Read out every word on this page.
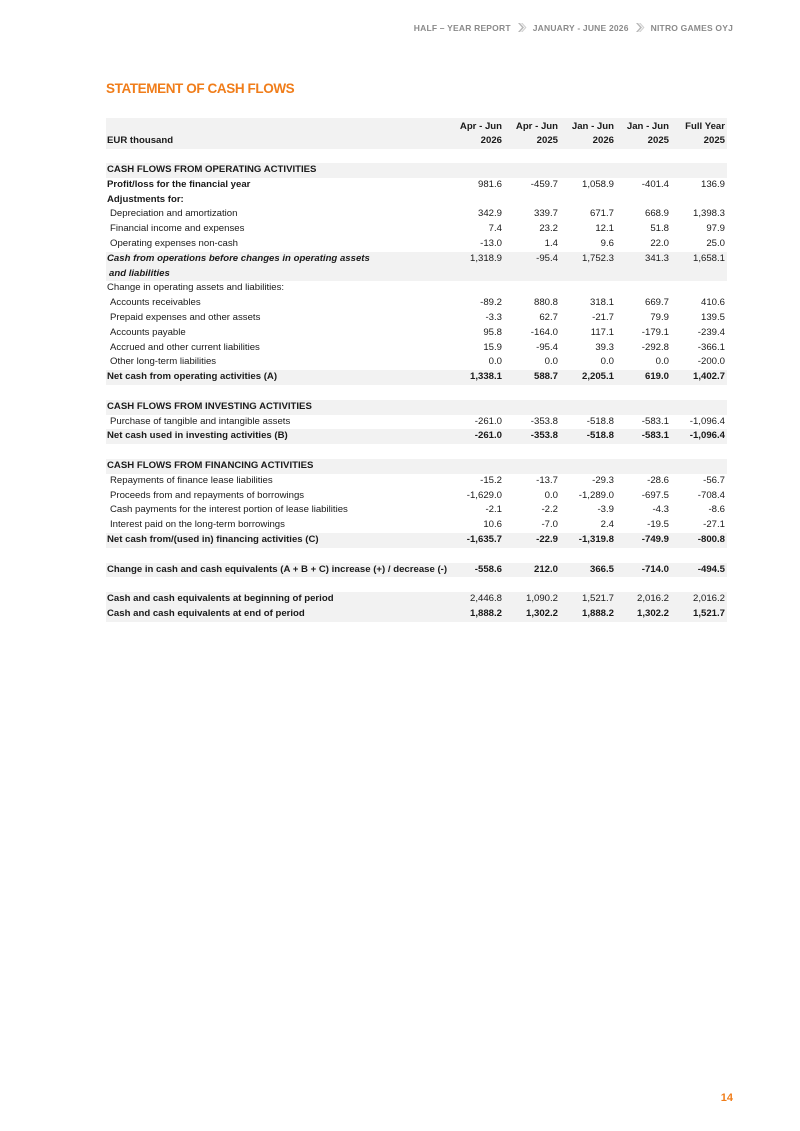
HALF – YEAR REPORT	JANUARY - JUNE 2026	NITRO GAMES OYJ
STATEMENT OF CASH FLOWS
Apr - Jun	Apr - Jun	Jan - Jun	Jan - Jun	Full Year
EUR thousand	2026	2025	2026	2025	2025
CASH FLOWS FROM OPERATING ACTIVITIES
Profit/loss for the financial year	981.6	-459.7	1,058.9	-401.4	136.9
Adjustments for:
Depreciation and amortization	342.9	339.7	671.7	668.9	1,398.3
Financial income and expenses	7.4	23.2	12.1	51.8	97.9
Operating expenses non-cash	-13.0	1.4	9.6	22.0	25.0
Cash from operations before changes in operating assets	1,318.9	-95.4	1,752.3	341.3	1,658.1
and liabilities
Change in operating assets and liabilities:
Accounts receivables	-89.2	880.8	318.1	669.7	410.6
Prepaid expenses and other assets	-3.3	62.7	-21.7	79.9	139.5
Accounts payable	95.8	-164.0	117.1	-179.1	-239.4
Accrued and other current liabilities	15.9	-95.4	39.3	-292.8	-366.1
Other long-term liabilities	0.0	0.0	0.0	0.0	-200.0
Net cash from operating activities (A)	1,338.1	588.7	2,205.1	619.0	1,402.7
CASH FLOWS FROM INVESTING ACTIVITIES
Purchase of tangible and intangible assets	-261.0	-353.8	-518.8	-583.1	-1,096.4
Net cash used in investing activities (B)	-261.0	-353.8	-518.8	-583.1	-1,096.4
CASH FLOWS FROM FINANCING ACTIVITIES
Repayments of finance lease liabilities	-15.2	-13.7	-29.3	-28.6	-56.7
Proceeds from and repayments of borrowings	-1,629.0	0.0	-1,289.0	-697.5	-708.4
Cash payments for the interest portion of lease liabilities	-2.1	-2.2	-3.9	-4.3	-8.6
Interest paid on the long-term borrowings	10.6	-7.0	2.4	-19.5	-27.1
Net cash from/(used in) financing activities (C)	-1,635.7	-22.9	-1,319.8	-749.9	-800.8
Change in cash and cash equivalents (A + B + C) increase (+) / decrease (-)	-558.6	212.0	366.5	-714.0	-494.5
Cash and cash equivalents at beginning of period	2,446.8	1,090.2	1,521.7	2,016.2	2,016.2
Cash and cash equivalents at end of period	1,888.2	1,302.2	1,888.2	1,302.2	1,521.7
14
